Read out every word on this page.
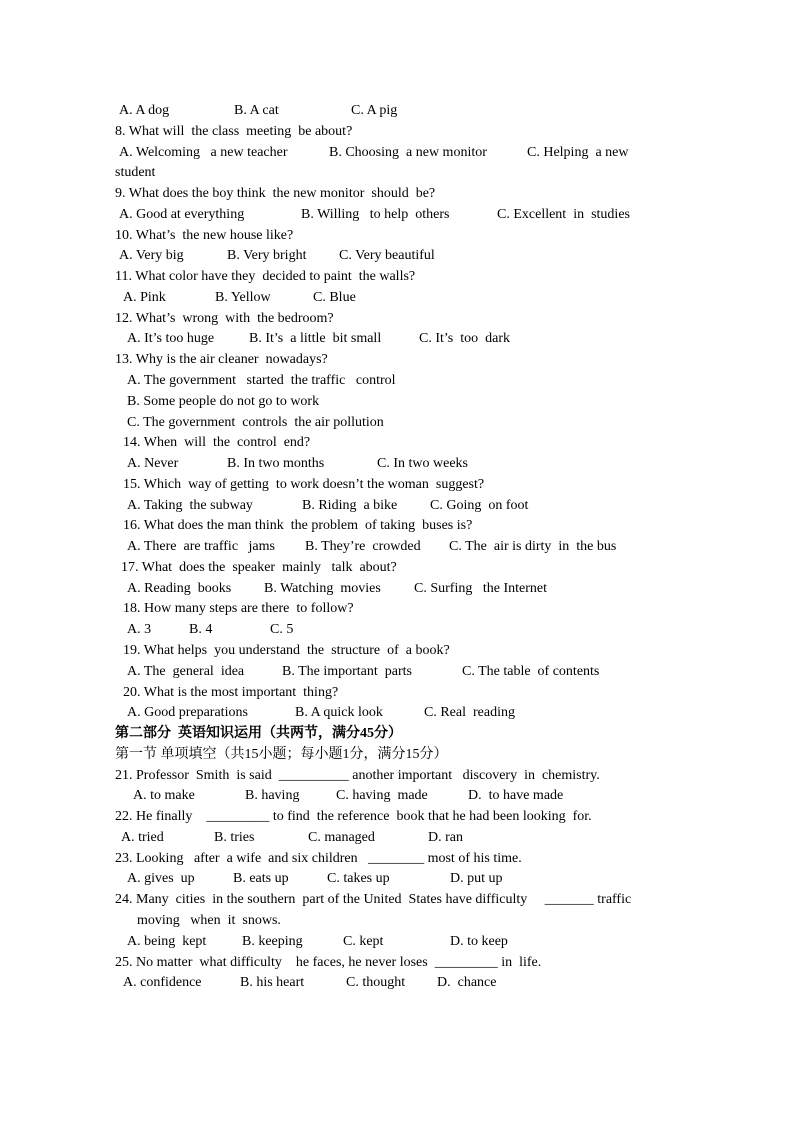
A. A dog	B. A cat	C. A pig
8. What will  the class  meeting  be about?
A. Welcoming   a new teacher	B. Choosing  a new monitor	C. Helping  a new
student
9. What does the boy think  the new monitor  should  be?
A. Good at everything	B. Willing   to help  others	C. Excellent  in  studies
10. What’s  the new house like?
A. Very big	B. Very bright C. Very beautiful
11. What color have they  decided to paint  the walls?
A. Pink	B. Yellow	C. Blue
12. What’s  wrong  with  the bedroom?
A. It’s too huge B. It’s  a little  bit small	C. It’s  too  dark
13. Why is the air cleaner  nowadays?
A. The government   started  the traffic   control
B. Some people do not go to work
C. The government  controls  the air pollution
14. When  will  the  control  end?
A. Never	B. In two months	C. In two weeks
15. Which  way of getting  to work doesn’t the woman  suggest?
A. Taking  the subway	B. Riding  a bike C. Going  on foot
16. What does the man think  the problem  of taking  buses is?
A. There  are traffic   jams B. They’re  crowded C. The  air is dirty  in  the bus
17. What  does the  speaker  mainly   talk  about?
A. Reading  books B. Watching  movies C. Surfing   the Internet
18. How many steps are there  to follow?
A. 3	B. 4	C. 5
19. What helps  you understand  the  structure  of  a book?
A. The  general  idea	B. The important  parts	C. The table  of contents
20. What is the most important  thing?
A. Good preparations	B. A quick look	C. Real  reading
第二部分  英语知识运用（共两节，满分45分）
第一节 单项填空（共15小题；每小题1分，满分15分）
21. Professor  Smith  is said  __________ another important   discovery  in  chemistry.
A. to make	B. having	C. having  made	D.  to have made
22. He finally    _________ to find  the reference  book that he had been looking  for.
A. tried	B. tries	C. managed	D. ran
23. Looking   after  a wife  and six children   ________ most of his time.
A. gives  up	B. eats up	C. takes up	D. put up
24. Many  cities  in the southern  part of the United  States have difficulty     _______ traffic
moving   when  it  snows.
A. being  kept	B. keeping	C. kept	D. to keep
25. No matter  what difficulty    he faces, he never loses  _________ in  life.
A. confidence	B. his heart	C. thought D.  chance
